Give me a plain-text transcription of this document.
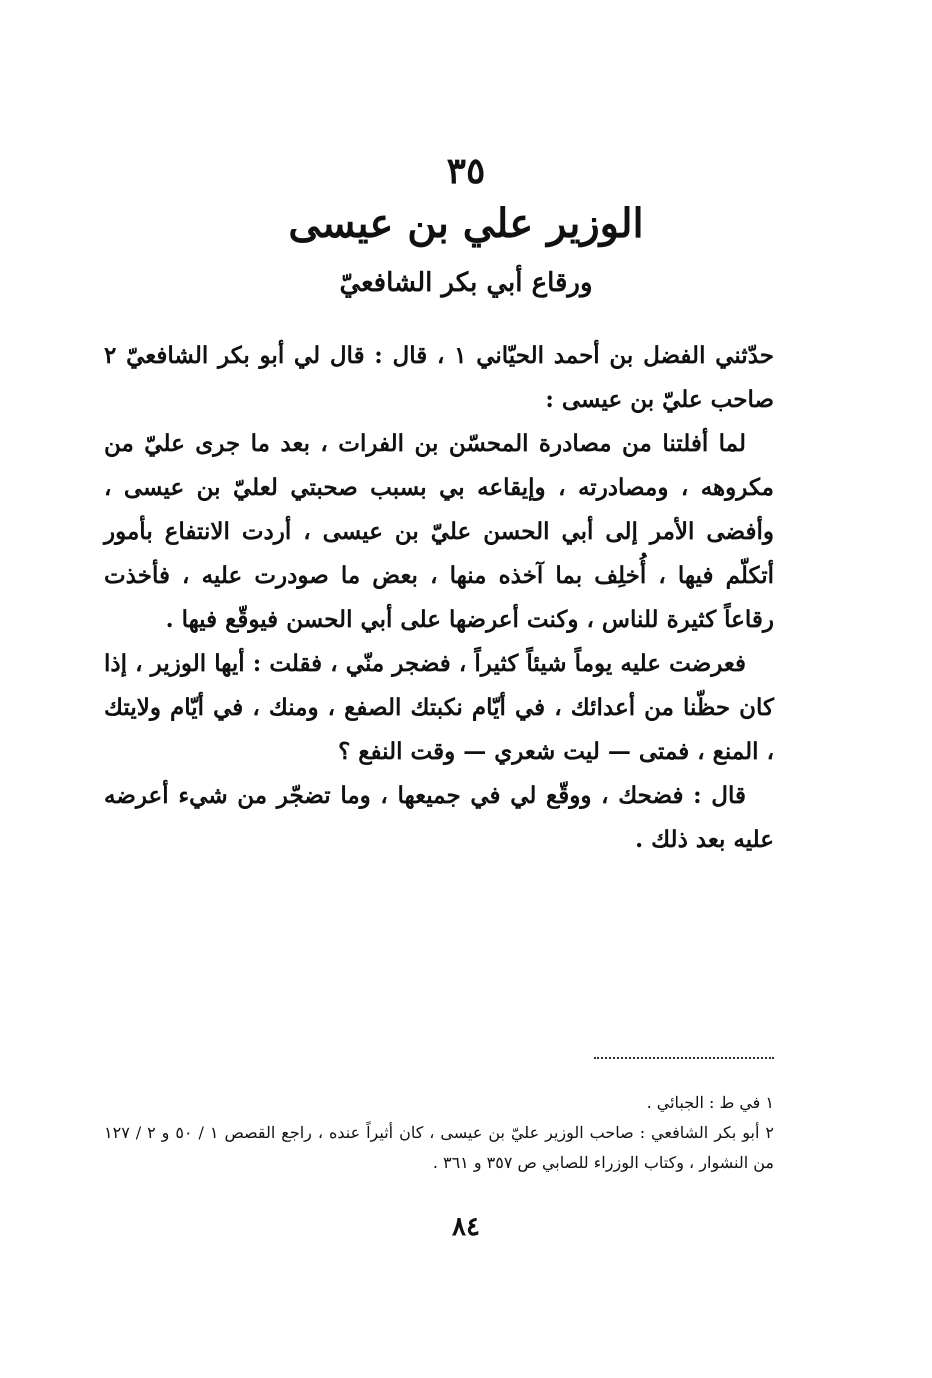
٣٥
الوزير علي بن عيسى
ورقاع أبي بكر الشافعيّ

حدّثني الفضل بن أحمد الحيّاني ١ ، قال : قال لي أبو بكر الشافعيّ ٢ صاحب عليّ بن عيسى :

لما أفلتنا من مصادرة المحسّن بن الفرات ، بعد ما جرى عليّ من مكروهه ، ومصادرته ، وإيقاعه بي بسبب صحبتي لعليّ بن عيسى ، وأفضى الأمر إلى أبي الحسن عليّ بن عيسى ، أردت الانتفاع بأمور أتكلّم فيها ، أُخلِف بما آخذه منها ، بعض ما صودرت عليه ، فأخذت رقاعاً كثيرة للناس ، وكنت أعرضها على أبي الحسن فيوقّع فيها .

فعرضت عليه يوماً شيئاً كثيراً ، فضجر منّي ، فقلت : أيها الوزير ، إذا كان حظّنا من أعدائك ، في أيّام نكبتك الصفع ، ومنك ، في أيّام ولايتك ، المنع ، فمتى — ليت شعري — وقت النفع ؟

قال : فضحك ، ووقّع لي في جميعها ، وما تضجّر من شيء أعرضه عليه بعد ذلك .

١ في ط : الجبائي .

٢ أبو بكر الشافعي : صاحب الوزير عليّ بن عيسى ، كان أثيراً عنده ، راجع القصص ١ / ٥٠ و ٢ / ١٢٧ من النشوار ، وكتاب الوزراء للصابي ص ٣٥٧ و ٣٦١ .

٨٤
